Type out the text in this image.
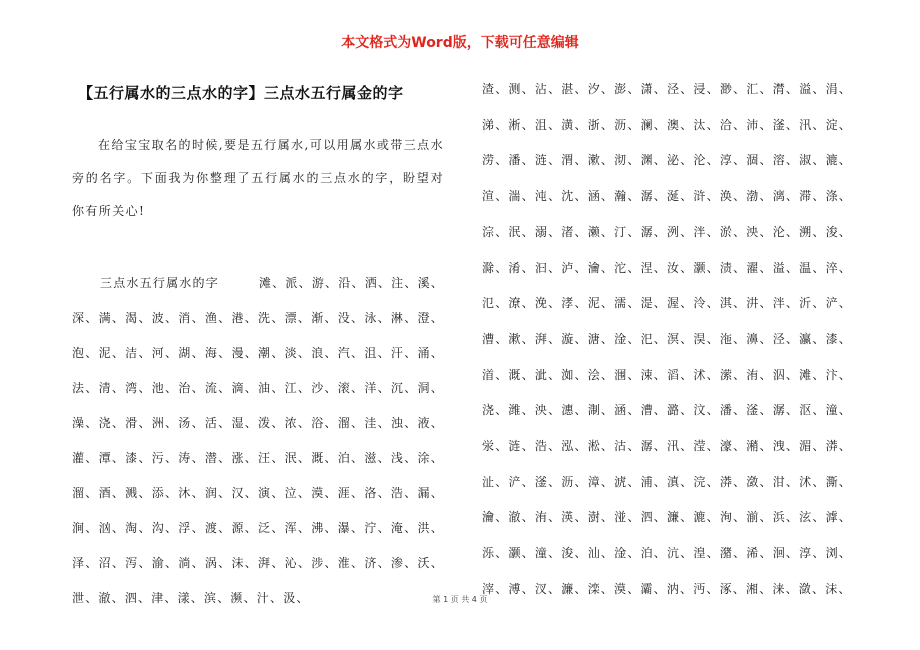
本文格式为Word版，下载可任意编辑
【五行属水的三点水的字】三点水五行属金的字

在给宝宝取名的时候,要是五行属水,可以用属水或带三点水旁的名字。下面我为你整理了五行属水的三点水的字，盼望对你有所关心!

三点水五行属水的字	滩、派、游、沿、洒、注、溪、深、满、渴、波、消、渔、港、洗、漂、渐、没、泳、淋、澄、泡、泥、洁、河、湖、海、漫、潮、淡、浪、汽、沮、汗、涌、法、清、湾、池、治、流、滴、油、江、沙、滚、洋、沉、洞、澡、浇、滑、洲、汤、活、湿、泼、浓、浴、溜、洼、浊、液、灌、潭、漆、污、涛、潜、涨、汪、泯、溉、泊、滋、浅、涂、溜、酒、溅、添、沐、润、汉、演、泣、漠、涯、洛、浩、漏、涧、汹、淘、沟、浮、渡、源、泛、浑、沸、瀑、泞、淹、洪、泽、沼、泻、渝、淌、涡、沫、湃、沁、涉、淮、济、渗、沃、泄、澈、泗、津、漾、滨、濒、汁、汲、
渣、测、沾、湛、汐、澎、潇、泾、浸、渺、汇、潸、溢、涓、涕、淅、沮、潢、浙、沥、澜、澳、汰、洽、沛、滏、汛、淀、涝、潘、涟、渭、漱、沏、渊、泌、沦、淳、涸、溶、淑、漉、渲、湍、沌、沈、涵、瀚、潺、涎、浒、涣、渤、漓、滞、涤、淙、泯、溺、渚、濑、汀、潺、洌、泮、淤、泱、沦、溯、浚、滁、淆、汩、泸、瀹、沱、涅、汝、灏、渍、濯、溢、温、淬、氾、潦、浼、涍、泥、濡、湜、渥、泠、淇、汫、泮、沂、浐、漕、漱、湃、漩、溏、淦、汜、溟、淏、沲、濞、泾、瀛、漆、渞、溉、泚、洳、浍、涠、涑、滔、沭、潆、洧、泅、滩、汴、浇、潍、泱、潓、淛、涵、漕、潞、汶、潘、滏、潺、沤、潼、泶、涟、浩、泓、淞、沽、潺、汛、滢、濠、潲、洩、湄、漭、沚、浐、滏、沥、漳、淲、浦、滇、浣、漭、潋、泔、沭、澌、瀹、澈、洧、渶、澍、湴、泗、濂、漉、洵、湔、浜、泫、滹、泺、灏、潼、浚、汕、淦、泊、沆、湟、潴、浠、洄、淳、浏、滓、溥、汊、濂、滦、漠、灞、汭、沔、涿、湘、涞、潋、沫、
第 1 页 共 4 页
